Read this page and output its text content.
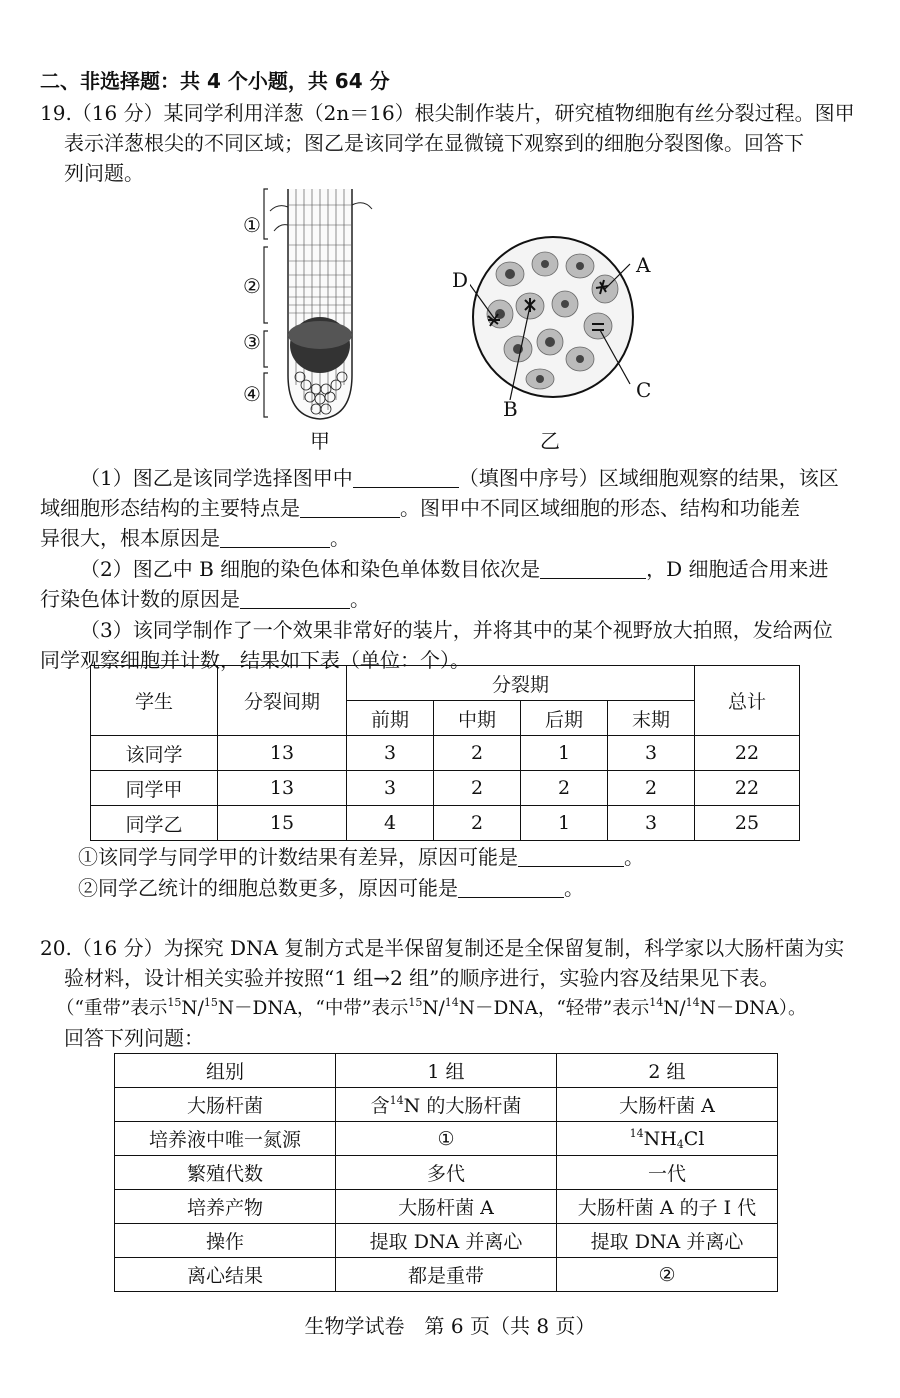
二、非选择题：共 4 个小题，共 64 分
19.（16 分）某同学利用洋葱（2n＝16）根尖制作装片，研究植物细胞有丝分裂过程。图甲
表示洋葱根尖的不同区域；图乙是该同学在显微镜下观察到的细胞分裂图像。回答下
列问题。
①
②
③
④
甲
A
B
C
D
乙
（1）图乙是该同学选择图甲中	（填图中序号）区域细胞观察的结果，该区
域细胞形态结构的主要特点是	。图甲中不同区域细胞的形态、结构和功能差
异很大，根本原因是	。
（2）图乙中 B 细胞的染色体和染色单体数目依次是	，D 细胞适合用来进
行染色体计数的原因是	。
（3）该同学制作了一个效果非常好的装片，并将其中的某个视野放大拍照，发给两位
同学观察细胞并计数，结果如下表（单位：个）。
学生	分裂间期	分裂期				总计
		前期	中期	后期	末期	
该同学	13	3	2	1	3	22
同学甲	13	3	2	2	2	22
同学乙	15	4	2	1	3	25
①该同学与同学甲的计数结果有差异，原因可能是	。
②同学乙统计的细胞总数更多，原因可能是	。
20.（16 分）为探究 DNA 复制方式是半保留复制还是全保留复制，科学家以大肠杆菌为实
验材料，设计相关实验并按照“1 组→2 组”的顺序进行，实验内容及结果见下表。
（“重带”表示$^{15}$N/$^{15}$N－DNA，“中带”表示$^{15}$N/$^{14}$N－DNA，“轻带”表示$^{14}$N/$^{14}$N－DNA）。
回答下列问题：
组别	1 组	2 组
大肠杆菌	含$^{14}$N 的大肠杆菌	大肠杆菌 A
培养液中唯一氮源	①	$^{14}NH_4Cl$
繁殖代数	多代	一代
培养产物	大肠杆菌 A	大肠杆菌 A 的子 I 代
操作	提取 DNA 并离心	提取 DNA 并离心
离心结果	都是重带	②
生物学试卷　第 6 页（共 8 页）
